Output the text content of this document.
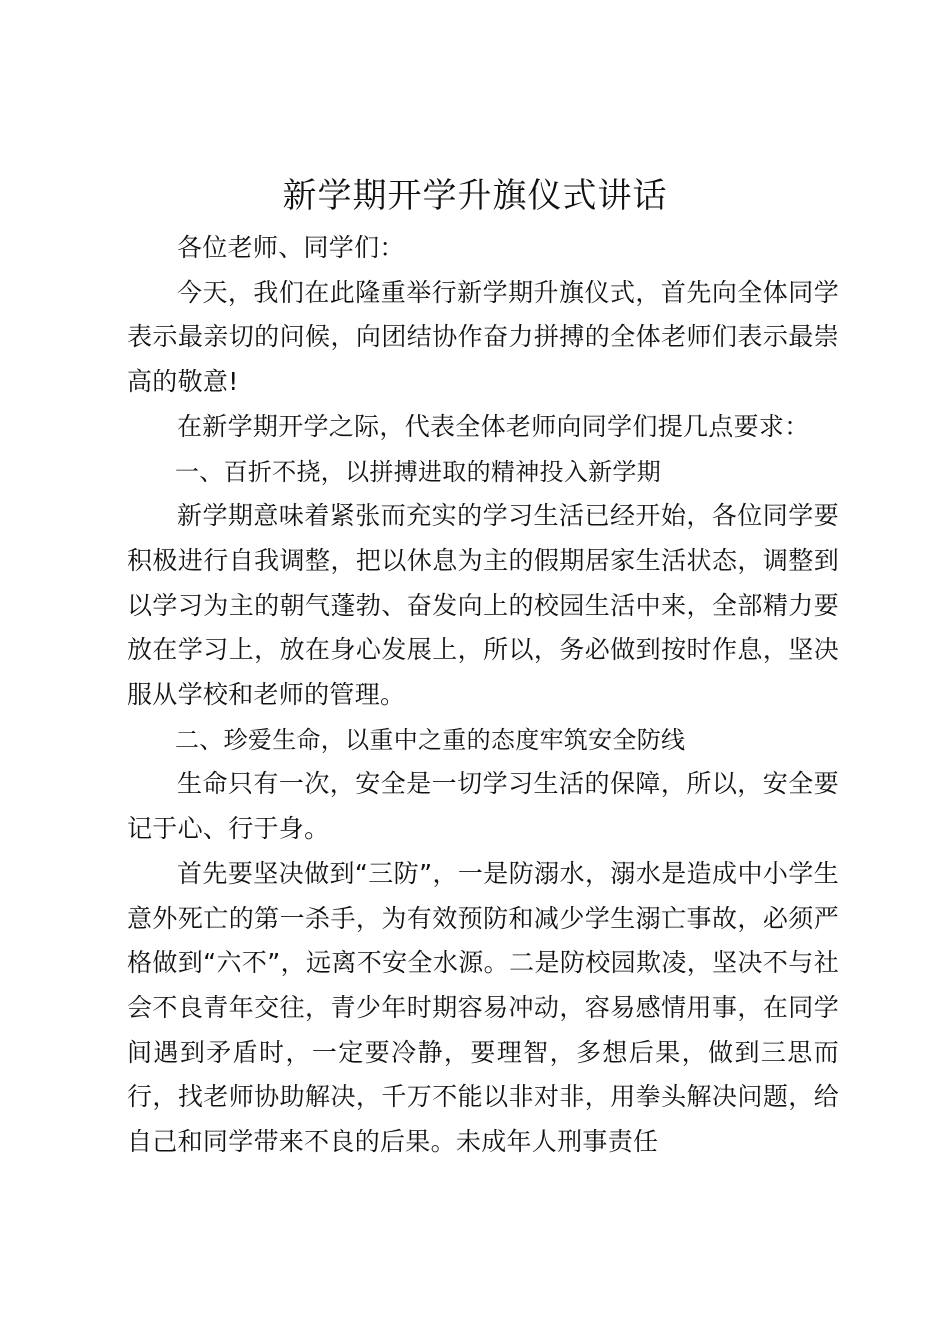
新学期开学升旗仪式讲话

各位老师、同学们：

今天，我们在此隆重举行新学期升旗仪式，首先向全体同学表示最亲切的问候，向团结协作奋力拼搏的全体老师们表示最崇高的敬意!

在新学期开学之际，代表全体老师向同学们提几点要求：

一、百折不挠，以拼搏进取的精神投入新学期

新学期意味着紧张而充实的学习生活已经开始，各位同学要积极进行自我调整，把以休息为主的假期居家生活状态，调整到以学习为主的朝气蓬勃、奋发向上的校园生活中来，全部精力要放在学习上，放在身心发展上，所以，务必做到按时作息，坚决服从学校和老师的管理。

二、珍爱生命，以重中之重的态度牢筑安全防线

生命只有一次，安全是一切学习生活的保障，所以，安全要记于心、行于身。

首先要坚决做到“三防”，一是防溺水，溺水是造成中小学生意外死亡的第一杀手，为有效预防和减少学生溺亡事故，必须严格做到“六不”，远离不安全水源。二是防校园欺凌，坚决不与社会不良青年交往，青少年时期容易冲动，容易感情用事，在同学间遇到矛盾时，一定要冷静，要理智，多想后果，做到三思而行，找老师协助解决，千万不能以非对非，用拳头解决问题，给自己和同学带来不良的后果。未成年人刑事责任
